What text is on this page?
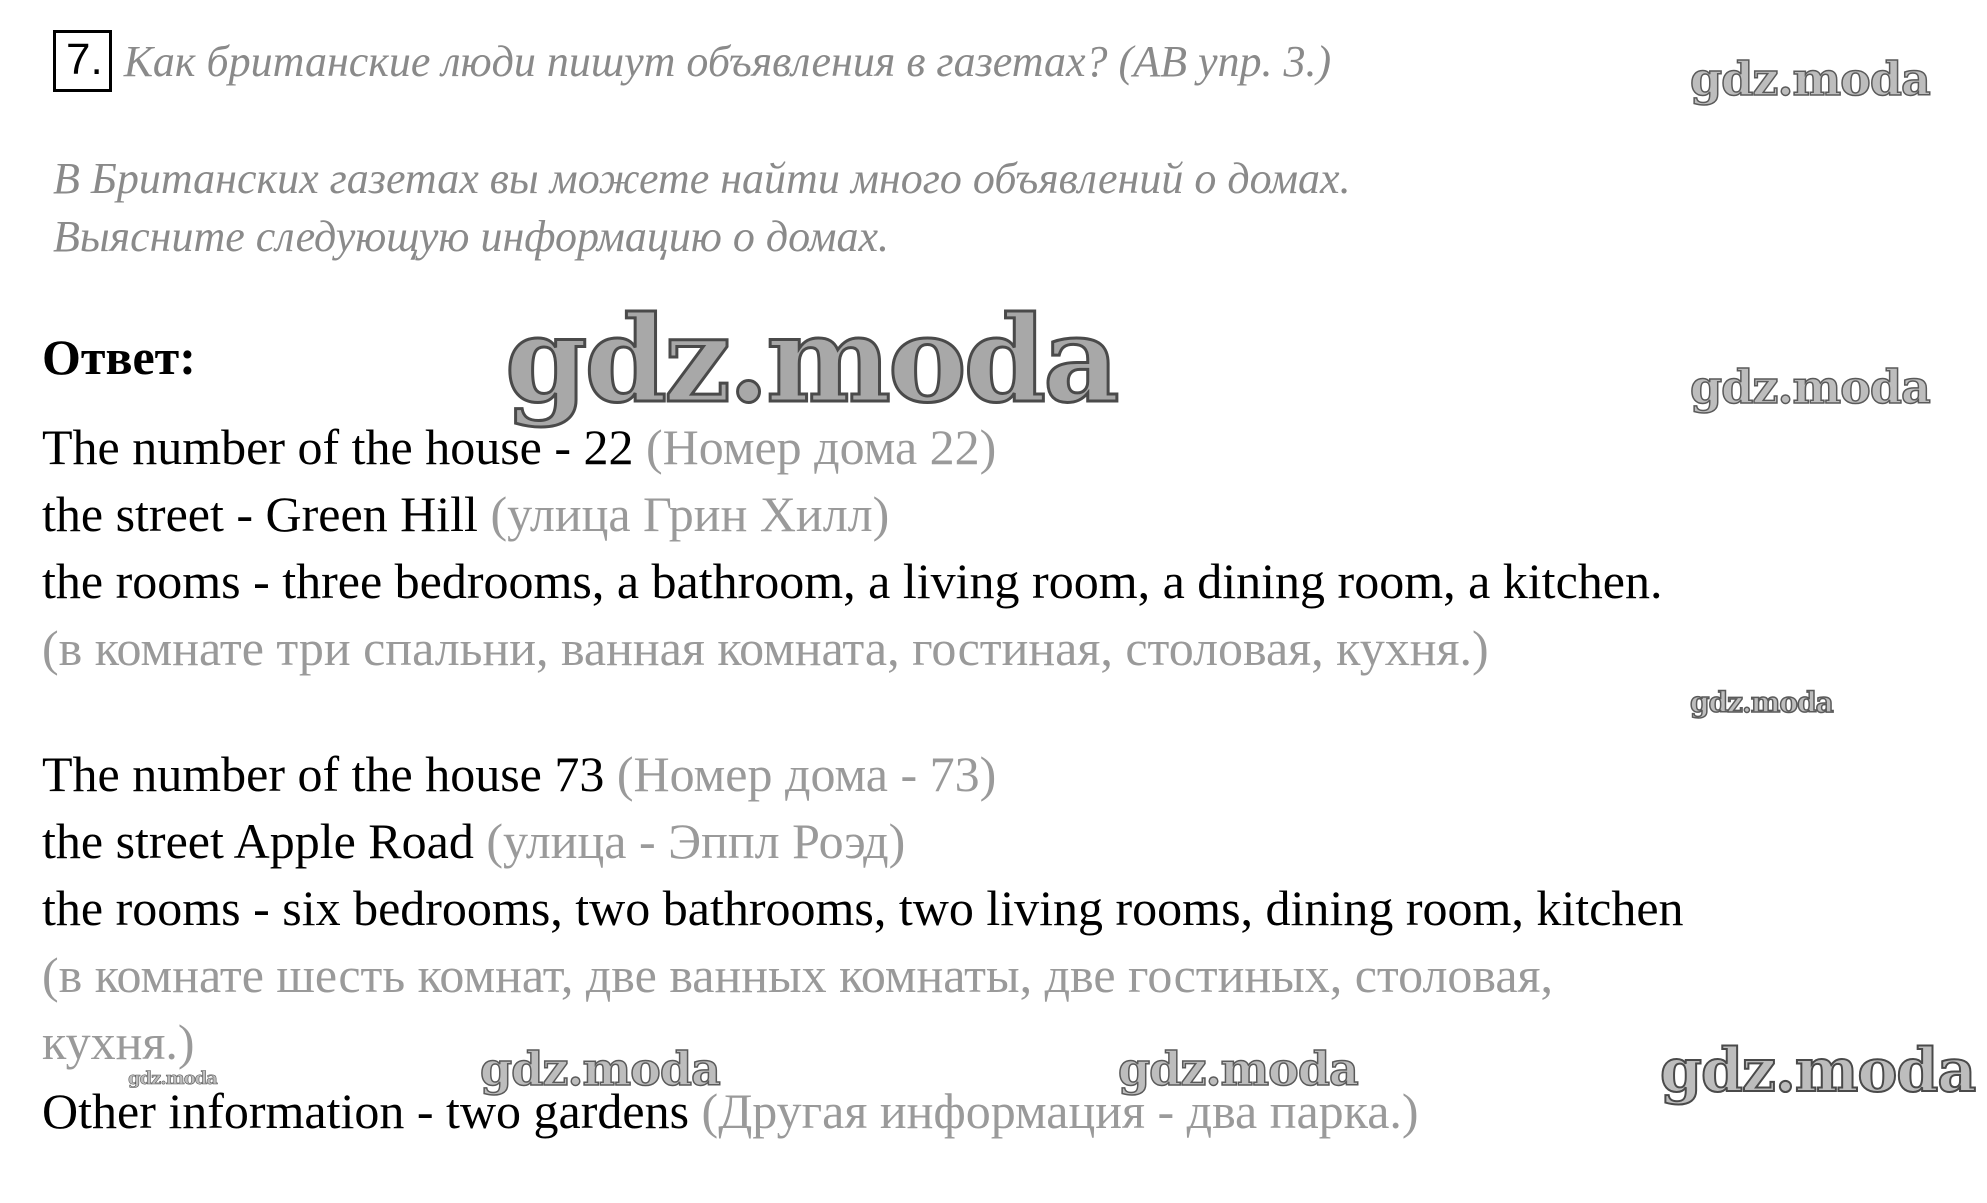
7. Как британские люди пишут объявления в газетах? (АВ упр. 3.)
В Британских газетах вы можете найти много объявлений о домах.
Выясните следующую информацию о домах.
Ответ:
The number of the house - 22 (Номер дома 22)
the street - Green Hill (улица Грин Хилл)
the rooms - three bedrooms, a bathroom, a living room, a dining room, a kitchen.
(в комнате три спальни, ванная комната, гостиная, столовая, кухня.)
The number of the house 73 (Номер дома - 73)
the street Apple Road (улица - Эппл Роэд)
the rooms - six bedrooms, two bathrooms, two living rooms, dining room, kitchen
(в комнате шесть комнат, две ванных комнаты, две гостиных, столовая,
кухня.)
Other information - two gardens (Другая информация - два парка.)
gdz.moda
gdz.moda	gdz.moda
gdz.moda
gdz.moda	gdz.moda	gdz.moda	gdz.moda
